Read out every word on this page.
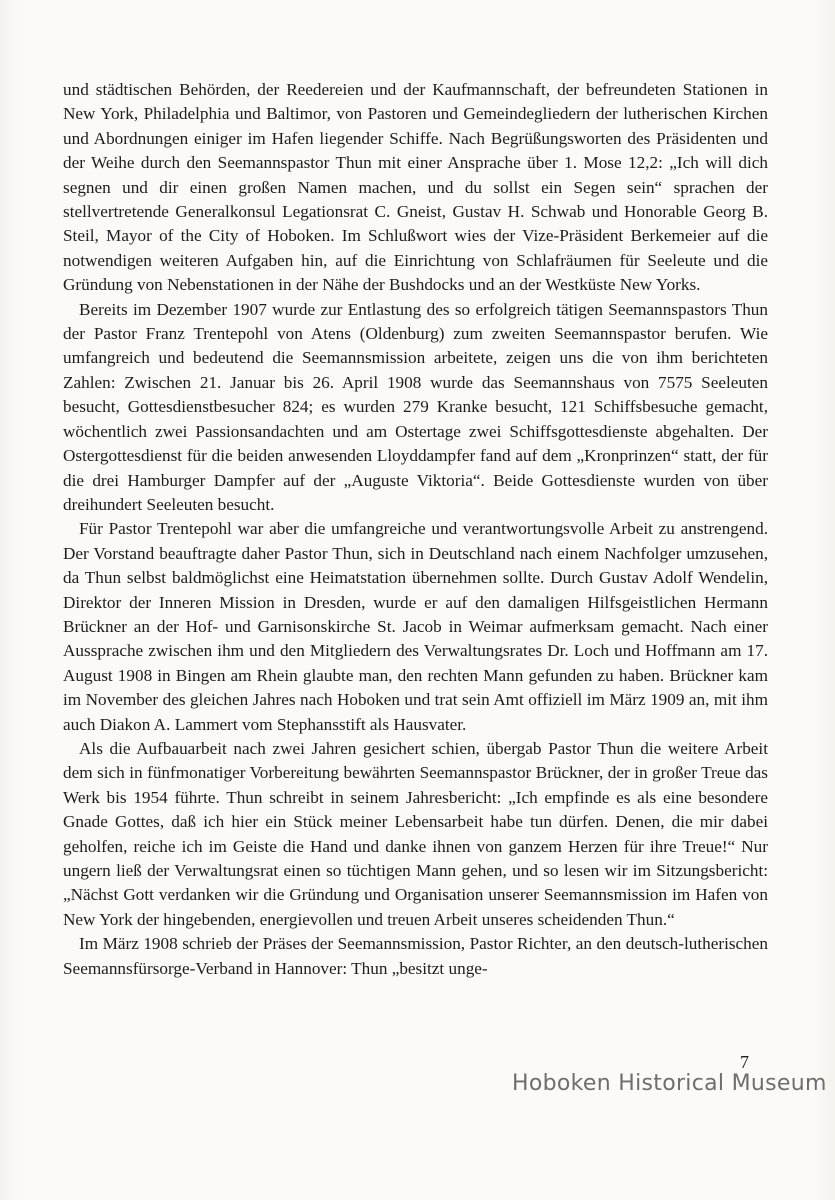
und städtischen Behörden, der Reedereien und der Kaufmannschaft, der befreundeten Stationen in New York, Philadelphia und Baltimor, von Pastoren und Gemeindegliedern der lutherischen Kirchen und Abordnungen einiger im Hafen liegender Schiffe. Nach Begrüßungsworten des Präsidenten und der Weihe durch den Seemannspastor Thun mit einer Ansprache über 1. Mose 12,2: „Ich will dich segnen und dir einen großen Namen machen, und du sollst ein Segen sein“ sprachen der stellvertretende Generalkonsul Legationsrat C. Gneist, Gustav H. Schwab und Honorable Georg B. Steil, Mayor of the City of Hoboken. Im Schlußwort wies der Vize-Präsident Berkemeier auf die notwendigen weiteren Aufgaben hin, auf die Einrichtung von Schlafräumen für Seeleute und die Gründung von Nebenstationen in der Nähe der Bushdocks und an der Westküste New Yorks.

Bereits im Dezember 1907 wurde zur Entlastung des so erfolgreich tätigen Seemannspastors Thun der Pastor Franz Trentepohl von Atens (Oldenburg) zum zweiten Seemannspastor berufen. Wie umfangreich und bedeutend die Seemannsmission arbeitete, zeigen uns die von ihm berichteten Zahlen: Zwischen 21. Januar bis 26. April 1908 wurde das Seemannshaus von 7575 Seeleuten besucht, Gottesdienstbesucher 824; es wurden 279 Kranke besucht, 121 Schiffsbesuche gemacht, wöchentlich zwei Passionsandachten und am Ostertage zwei Schiffsgottesdienste abgehalten. Der Ostergottesdienst für die beiden anwesenden Lloyddampfer fand auf dem „Kronprinzen“ statt, der für die drei Hamburger Dampfer auf der „Auguste Viktoria“. Beide Gottesdienste wurden von über dreihundert Seeleuten besucht.

Für Pastor Trentepohl war aber die umfangreiche und verantwortungsvolle Arbeit zu anstrengend. Der Vorstand beauftragte daher Pastor Thun, sich in Deutschland nach einem Nachfolger umzusehen, da Thun selbst baldmöglichst eine Heimatstation übernehmen sollte. Durch Gustav Adolf Wendelin, Direktor der Inneren Mission in Dresden, wurde er auf den damaligen Hilfsgeistlichen Hermann Brückner an der Hof- und Garnisonskirche St. Jacob in Weimar aufmerksam gemacht. Nach einer Aussprache zwischen ihm und den Mitgliedern des Verwaltungsrates Dr. Loch und Hoffmann am 17. August 1908 in Bingen am Rhein glaubte man, den rechten Mann gefunden zu haben. Brückner kam im November des gleichen Jahres nach Hoboken und trat sein Amt offiziell im März 1909 an, mit ihm auch Diakon A. Lammert vom Stephansstift als Hausvater.

Als die Aufbauarbeit nach zwei Jahren gesichert schien, übergab Pastor Thun die weitere Arbeit dem sich in fünfmonatiger Vorbereitung bewährten Seemannspastor Brückner, der in großer Treue das Werk bis 1954 führte. Thun schreibt in seinem Jahresbericht: „Ich empfinde es als eine besondere Gnade Gottes, daß ich hier ein Stück meiner Lebensarbeit habe tun dürfen. Denen, die mir dabei geholfen, reiche ich im Geiste die Hand und danke ihnen von ganzem Herzen für ihre Treue!“ Nur ungern ließ der Verwaltungsrat einen so tüchtigen Mann gehen, und so lesen wir im Sitzungsbericht: „Nächst Gott verdanken wir die Gründung und Organisation unserer Seemannsmission im Hafen von New York der hingebenden, energievollen und treuen Arbeit unseres scheidenden Thun.“

Im März 1908 schrieb der Präses der Seemannsmission, Pastor Richter, an den deutsch-lutherischen Seemannsfürsorge-Verband in Hannover: Thun „besitzt unge-

7
Hoboken Historical Museum
